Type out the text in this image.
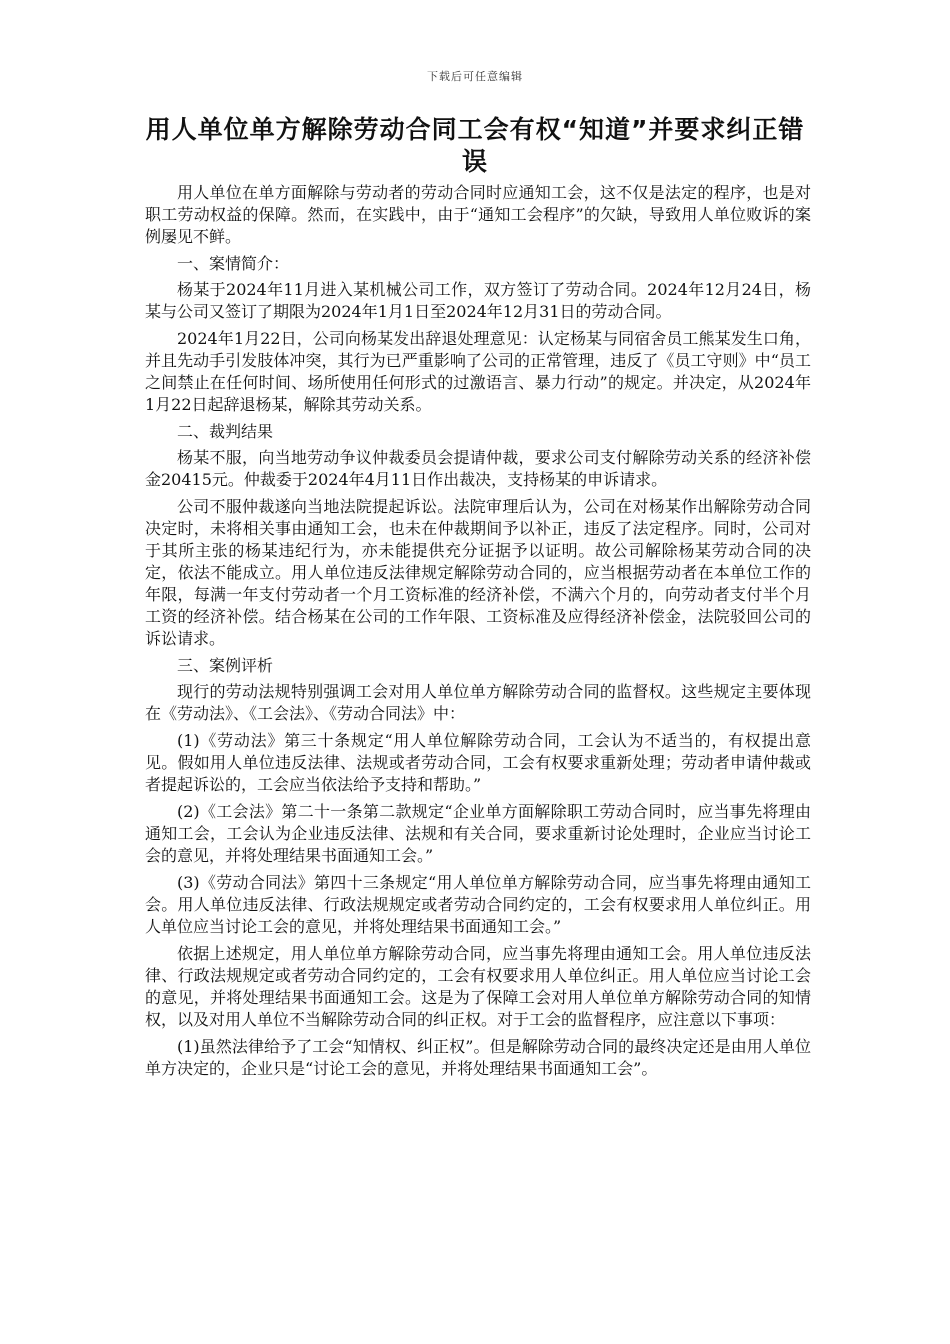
下载后可任意编辑
用人单位单方解除劳动合同工会有权“知道”并要求纠正错误

用人单位在单方面解除与劳动者的劳动合同时应通知工会，这不仅是法定的程序，也是对职工劳动权益的保障。然而，在实践中，由于“通知工会程序”的欠缺，导致用人单位败诉的案例屡见不鲜。

一、案情简介：

杨某于2024年11月进入某机械公司工作，双方签订了劳动合同。2024年12月24日，杨某与公司又签订了期限为2024年1月1日至2024年12月31日的劳动合同。

2024年1月22日，公司向杨某发出辞退处理意见：认定杨某与同宿舍员工熊某发生口角，并且先动手引发肢体冲突，其行为已严重影响了公司的正常管理，违反了《员工守则》中“员工之间禁止在任何时间、场所使用任何形式的过激语言、暴力行动”的规定。并决定，从2024年1月22日起辞退杨某，解除其劳动关系。

二、裁判结果

杨某不服，向当地劳动争议仲裁委员会提请仲裁，要求公司支付解除劳动关系的经济补偿金20415元。仲裁委于2024年4月11日作出裁决，支持杨某的申诉请求。

公司不服仲裁遂向当地法院提起诉讼。法院审理后认为，公司在对杨某作出解除劳动合同决定时，未将相关事由通知工会，也未在仲裁期间予以补正，违反了法定程序。同时，公司对于其所主张的杨某违纪行为，亦未能提供充分证据予以证明。故公司解除杨某劳动合同的决定，依法不能成立。用人单位违反法律规定解除劳动合同的，应当根据劳动者在本单位工作的年限，每满一年支付劳动者一个月工资标准的经济补偿，不满六个月的，向劳动者支付半个月工资的经济补偿。结合杨某在公司的工作年限、工资标准及应得经济补偿金，法院驳回公司的诉讼请求。

三、案例评析

现行的劳动法规特别强调工会对用人单位单方解除劳动合同的监督权。这些规定主要体现在《劳动法》、《工会法》、《劳动合同法》中：

(1)《劳动法》第三十条规定“用人单位解除劳动合同，工会认为不适当的，有权提出意见。假如用人单位违反法律、法规或者劳动合同，工会有权要求重新处理；劳动者申请仲裁或者提起诉讼的，工会应当依法给予支持和帮助。”

(2)《工会法》第二十一条第二款规定“企业单方面解除职工劳动合同时，应当事先将理由通知工会，工会认为企业违反法律、法规和有关合同，要求重新讨论处理时，企业应当讨论工会的意见，并将处理结果书面通知工会。”

(3)《劳动合同法》第四十三条规定“用人单位单方解除劳动合同，应当事先将理由通知工会。用人单位违反法律、行政法规规定或者劳动合同约定的，工会有权要求用人单位纠正。用人单位应当讨论工会的意见，并将处理结果书面通知工会。”

依据上述规定，用人单位单方解除劳动合同，应当事先将理由通知工会。用人单位违反法律、行政法规规定或者劳动合同约定的，工会有权要求用人单位纠正。用人单位应当讨论工会的意见，并将处理结果书面通知工会。这是为了保障工会对用人单位单方解除劳动合同的知情权，以及对用人单位不当解除劳动合同的纠正权。对于工会的监督程序，应注意以下事项：

(1)虽然法律给予了工会“知情权、纠正权”。但是解除劳动合同的最终决定还是由用人单位单方决定的，企业只是“讨论工会的意见，并将处理结果书面通知工会”。
